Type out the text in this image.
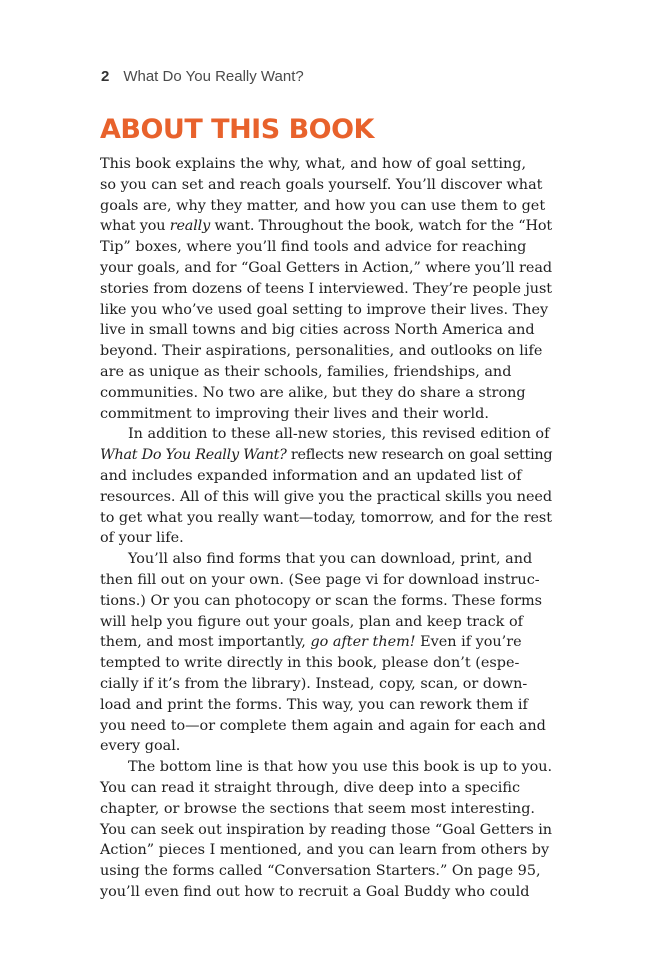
2 What Do You Really Want?
ABOUT THIS BOOK
This book explains the why, what, and how of goal setting,
so you can set and reach goals yourself. You’ll discover what
goals are, why they matter, and how you can use them to get
what you really want. Throughout the book, watch for the “Hot
Tip” boxes, where you’ll find tools and advice for reaching
your goals, and for “Goal Getters in Action,” where you’ll read
stories from dozens of teens I interviewed. They’re people just
like you who’ve used goal setting to improve their lives. They
live in small towns and big cities across North America and
beyond. Their aspirations, personalities, and outlooks on life
are as unique as their schools, families, friendships, and
communities. No two are alike, but they do share a strong
commitment to improving their lives and their world.
In addition to these all-new stories, this revised edition of
What Do You Really Want? reflects new research on goal setting
and includes expanded information and an updated list of
resources. All of this will give you the practical skills you need
to get what you really want—today, tomorrow, and for the rest
of your life.
You’ll also find forms that you can download, print, and
then fill out on your own. (See page vi for download instruc-
tions.) Or you can photocopy or scan the forms. These forms
will help you figure out your goals, plan and keep track of
them, and most importantly, go after them! Even if you’re
tempted to write directly in this book, please don’t (espe-
cially if it’s from the library). Instead, copy, scan, or down-
load and print the forms. This way, you can rework them if
you need to—or complete them again and again for each and
every goal.
The bottom line is that how you use this book is up to you.
You can read it straight through, dive deep into a specific
chapter, or browse the sections that seem most interesting.
You can seek out inspiration by reading those “Goal Getters in
Action” pieces I mentioned, and you can learn from others by
using the forms called “Conversation Starters.” On page 95,
you’ll even find out how to recruit a Goal Buddy who could
